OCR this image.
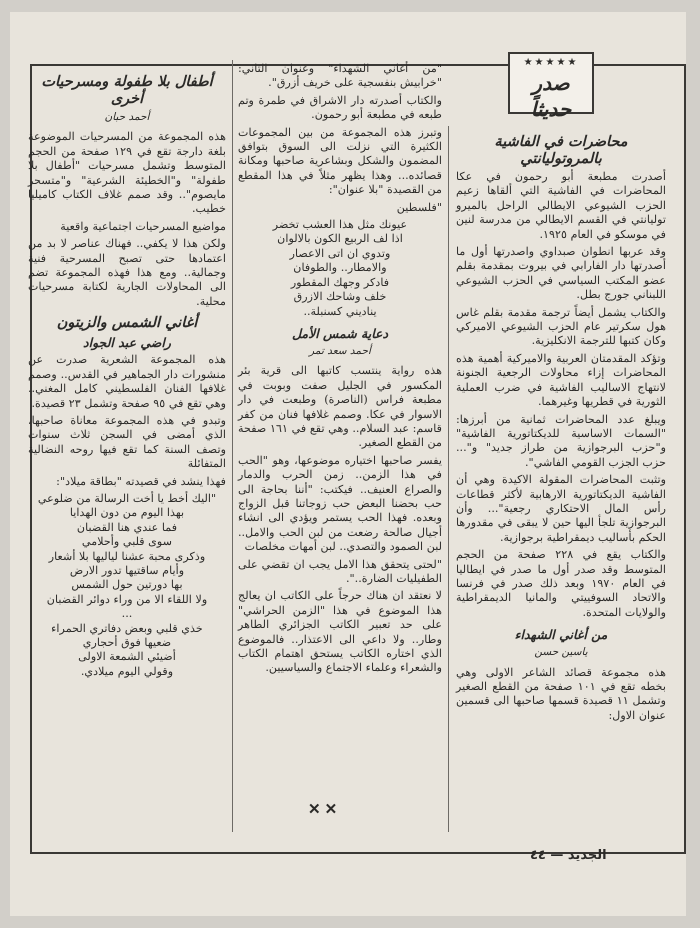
★★★★★
صدر حديثاً
محاضرات في الفاشية بالمروتوليانتي

أصدرت مطبعة أبو رحمون في عكا المحاضرات في الفاشية التي ألقاها زعيم الحزب الشيوعي الايطالي الراحل بالميرو توليانتي في القسم الايطالي من مدرسة لنين في موسكو في العام ١٩٢٥.

وقد عربها انطوان صبداوي واصدرتها أول ما أصدرتها دار الفارابي في بيروت بمقدمة بقلم عضو المكتب السياسي في الحزب الشيوعي اللبناني جورج بطل.

والكتاب يشمل أيضاً ترجمة مقدمة بقلم غاس هول سكرتير عام الحزب الشيوعي الاميركي وكان كتبها للترجمة الانكليزية.

وتؤكد المقدمتان العربية والاميركية أهمية هذه المحاضرات إزاء محاولات الرجعية الجنونة لانتهاج الاساليب الفاشية في ضرب العملية الثورية في قطريها وغيرهما.

ويبلغ عدد المحاضرات ثمانية من أبرزها: "السمات الاساسية للديكتاتورية الفاشية" و"حزب البرجوازية من طراز جديد" و"... حزب الجزب القومي الفاشي".

وتثبت المحاضرات المقولة الاكيدة وهي أن الفاشية الديكتاتورية الارهابية لأكثر قطاعات رأس المال الاحتكاري رجعية"... وأن البرجوازية تلجأ اليها حين لا يبقى في مقدورها الحكم بأساليب ديمقراطية برجوازية.

والكتاب يقع في ٢٢٨ صفحة من الحجم المتوسط وقد صدر أول ما صدر في ايطاليا في العام ١٩٧٠ وبعد ذلك صدر في فرنسا والاتحاد السوفييتي والمانيا الديمقراطية والولايات المتحدة.

من أغاني الشهداء
ياسين حسن

هذه مجموعة قصائد الشاعر الاولى وهي بخطه تقع في ١٠١ صفحة من القطع الصغير وتشمل ١١ قصيدة قسمها صاحبها الى قسمين عنوان الاول:

"من أغاني الشهداء" وعنوان الثاني: "خرابيش بنفسجية على خريف أزرق".

والكتاب أصدرته دار الاشراق في طمرة وتم طبعه في مطبعة أبو رحمون.

وتبرز هذه المجموعة من بين المجموعات الكثيرة التي نزلت الى السوق بتوافق المضمون والشكل وبشاعرية صاحبها ومكانة قصائده... وهذا يظهر مثلاً في هذا المقطع من القصيدة "بلا عنوان":

"فلسطين

عيونك مثل هذا العشب تخضر
اذا لف الربيع الكون بالالوان
وتدوي ان اتى الاعصار
والامطار.. والطوفان
فادكر وجهك المقطور
خلف وشاحك الازرق
يناديني كسنبلة..
دعاية شمس الأمل
أحمد سعد تمر

هذه رواية ينتسب كاتبها الى قرية بئر المكسور في الجليل صفت وبوبت في مطبعة فراس (الناصرة) وطبعت في دار الاسوار في عكا. وصمم غلافها فنان من كفر قاسم: عبد السلام.. وهي تقع في ١٦١ صفحة من القطع الصغير.

يفسر صاحبها اختياره موضوعها، وهو "الحب في هذا الزمن.. زمن الحرب والدمار والصراع العنيف.. فيكتب: "أننا بحاجة الى حب بحضنا البعض حب زوجاتنا قبل الزواج وبعده. فهذا الحب يستمر ويؤدي الى انشاء أجيال صالحة رضعت من لبن الحب والامل.. لبن الصمود والتصدي.. لبن أمهات مخلصات

"لحتى يتحقق هذا الامل يجب ان تقضي على الطفيليات الضارة..".

لا نعتقد ان هناك حرجاً على الكاتب ان يعالج هذا الموضوع في هذا "الزمن الحراشي" على حد تعبير الكاتب الجزائري الطاهر وطار.. ولا داعي الى الاعتذار.. فالموضوع الذي اختاره الكاتب يستحق اهتمام الكتاب والشعراء وعلماء الاجتماع والسياسيين.

✕✕
أطفال بلا طفولة ومسرحيات أخرى
أحمد حبان

هذه المجموعة من المسرحيات الموضوعة بلغة دارجة تقع في ١٢٩ صفحة من الحجم المتوسط وتشمل مسرحيات "أطفال بلا طفولة" و"الخطيئة الشرعية" و"متسحر مايصوم".. وقد صمم غلاف الكتاب كاميليا خطيب.

مواضيع المسرحيات اجتماعية واقعية

ولكن هذا لا يكفي.. فهناك عناصر لا بد من اعتمادها حتى تصبح المسرحية فنية وجمالية.. ومع هذا فهذه المجموعة تضم الى المحاولات الجارية لكتابة مسرحيات محلية.

أغاني الشمس والزيتون
راضي عبد الجواد

هذه المجموعة الشعرية صدرت عن منشورات دار الجماهير في القدس.. وصمم غلافها الفنان الفلسطيني كامل المغني.. وهي تقع في ٩٥ صفحة وتشمل ٢٣ قصيدة.

وتبدو في هذه المجموعة معاناة صاحبها، الذي أمضى في السجن ثلاث سنوات وتصف السنة كما تقع فيها روحه النضالية المتفائلة

فهذا ينشد في قصيدته "بطاقة ميلاد":

"اليك أخط يا أخت الرسالة من ضلوعي
بهذا اليوم من دون الهدايا
فما عندي هنا القضبان
سوى قلبي وأحلامي
وذكرى محبة عشنا لياليها بلا أشعار
وأيام ساقتيها تدور الارض
بها دورتين حول الشمس
ولا اللقاء الا من وراء دوائر القضبان
...
خذي قلبي وبعض دفاتري الحمراء
ضعيها فوق أحجاري
أضيئي الشمعة الاولى
وقولي اليوم ميلادي.
الجديد — ٤٤
